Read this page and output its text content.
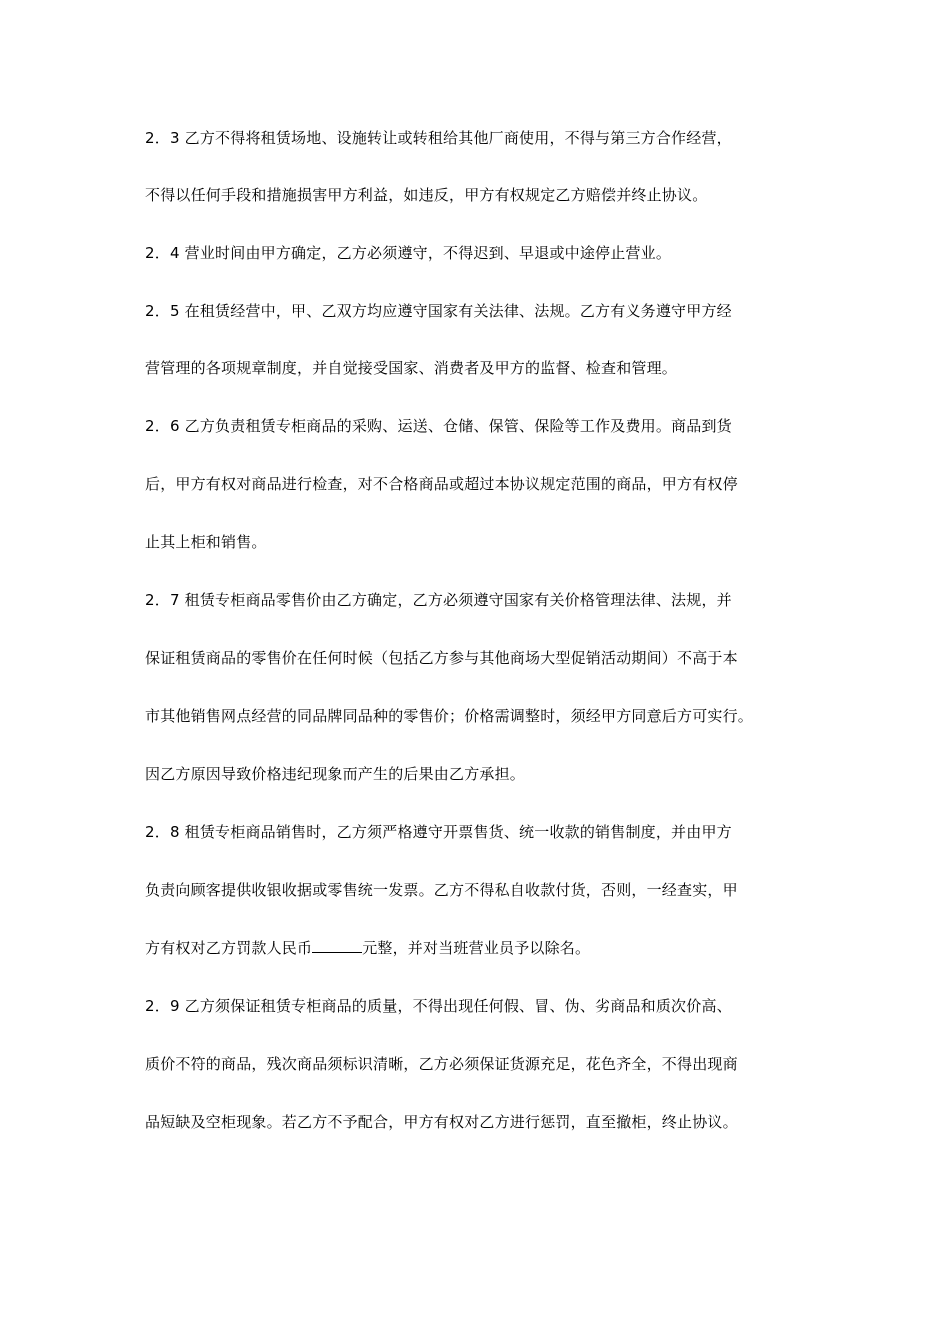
2．3 乙方不得将租赁场地、设施转让或转租给其他厂商使用，不得与第三方合作经营，
不得以任何手段和措施损害甲方利益，如违反，甲方有权规定乙方赔偿并终止协议。
2．4 营业时间由甲方确定，乙方必须遵守，不得迟到、早退或中途停止营业。
2．5 在租赁经营中，甲、乙双方均应遵守国家有关法律、法规。乙方有义务遵守甲方经
营管理的各项规章制度，并自觉接受国家、消费者及甲方的监督、检查和管理。
2．6 乙方负责租赁专柜商品的采购、运送、仓储、保管、保险等工作及费用。商品到货
后，甲方有权对商品进行检查，对不合格商品或超过本协议规定范围的商品，甲方有权停
止其上柜和销售。
2．7 租赁专柜商品零售价由乙方确定，乙方必须遵守国家有关价格管理法律、法规，并
保证租赁商品的零售价在任何时候（包括乙方参与其他商场大型促销活动期间）不高于本
市其他销售网点经营的同品牌同品种的零售价；价格需调整时，须经甲方同意后方可实行。
因乙方原因导致价格违纪现象而产生的后果由乙方承担。
2．8 租赁专柜商品销售时，乙方须严格遵守开票售货、统一收款的销售制度，并由甲方
负责向顾客提供收银收据或零售统一发票。乙方不得私自收款付货，否则，一经查实，甲
方有权对乙方罚款人民币	元整，并对当班营业员予以除名。
2．9 乙方须保证租赁专柜商品的质量，不得出现任何假、冒、伪、劣商品和质次价高、
质价不符的商品，残次商品须标识清晰，乙方必须保证货源充足，花色齐全，不得出现商
品短缺及空柜现象。若乙方不予配合，甲方有权对乙方进行惩罚，直至撤柜，终止协议。
